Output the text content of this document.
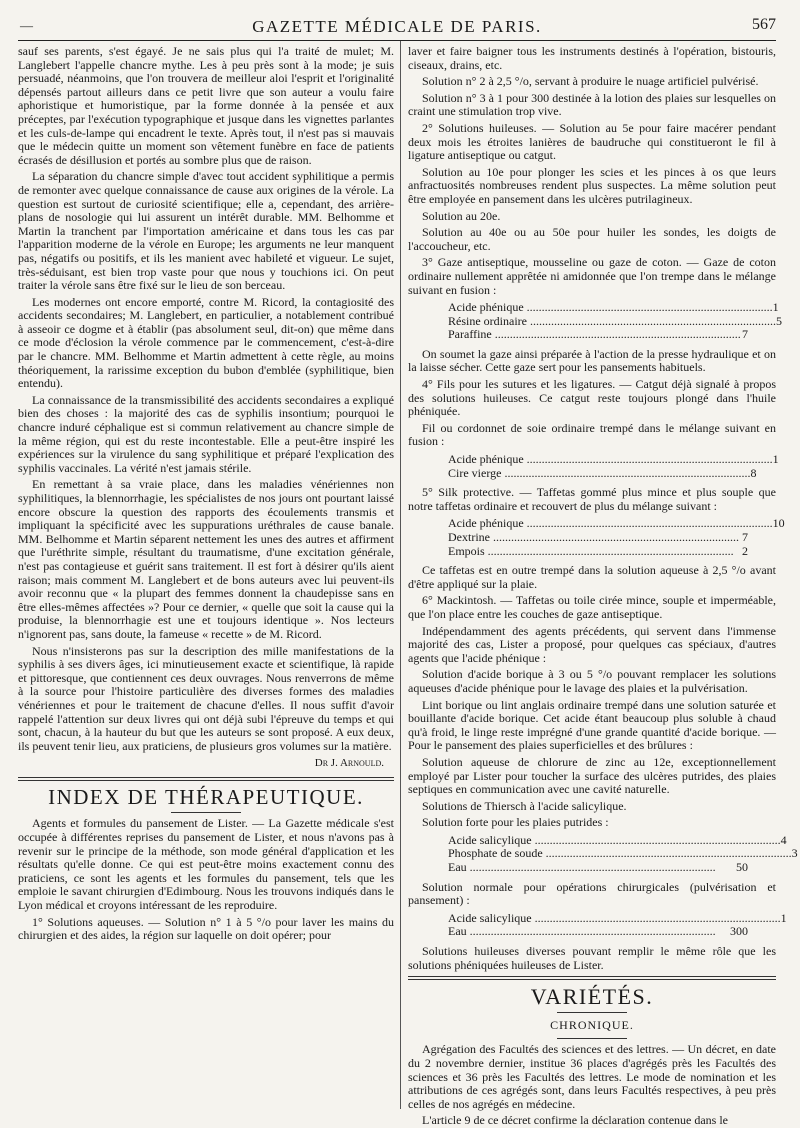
—	GAZETTE MÉDICALE DE PARIS.	567

sauf ses parents, s'est égayé. Je ne sais plus qui l'a traité de mulet; M. Langlebert l'appelle chancre mythe. Les à peu près sont à la mode; je suis persuadé, néanmoins, que l'on trouvera de meilleur aloi l'esprit et l'originalité dépensés partout ailleurs dans ce petit livre que son auteur a voulu faire aphoristique et humoristique, par la forme donnée à la pensée et aux préceptes, par l'exécution typographique et jusque dans les vignettes parlantes et les culs-de-lampe qui encadrent le texte. Après tout, il n'est pas si mauvais que le médecin quitte un moment son vêtement funèbre en face de patients écrasés de désillusion et portés au sombre plus que de raison.

La séparation du chancre simple d'avec tout accident syphilitique a permis de remonter avec quelque connaissance de cause aux origines de la vérole. La question est surtout de curiosité scientifique; elle a, cependant, des arrière-plans de nosologie qui lui assurent un intérêt durable. MM. Belhomme et Martin la tranchent par l'importation américaine et dans tous les cas par l'apparition moderne de la vérole en Europe; les arguments ne leur manquent pas, négatifs ou positifs, et ils les manient avec habileté et vigueur. Le sujet, très-séduisant, est bien trop vaste pour que nous y touchions ici. On peut traiter la vérole sans être fixé sur le lieu de son berceau.

Les modernes ont encore emporté, contre M. Ricord, la contagiosité des accidents secondaires; M. Langlebert, en particulier, a notablement contribué à asseoir ce dogme et à établir (pas absolument seul, dit-on) que même dans ce mode d'éclosion la vérole commence par le commencement, c'est-à-dire par le chancre. MM. Belhomme et Martin admettent à cette règle, au moins théoriquement, la rarissime exception du bubon d'emblée (syphilitique, bien entendu).

La connaissance de la transmissibilité des accidents secondaires a expliqué bien des choses : la majorité des cas de syphilis insontium; pourquoi le chancre induré céphalique est si commun relativement au chancre simple de la même région, qui est du reste incontestable. Elle a peut-être inspiré les expériences sur la virulence du sang syphilitique et préparé l'explication des syphilis vaccinales. La vérité n'est jamais stérile.

En remettant à sa vraie place, dans les maladies vénériennes non syphilitiques, la blennorrhagie, les spécialistes de nos jours ont pourtant laissé encore obscure la question des rapports des écoulements transmis et impliquant la spécificité avec les suppurations uréthrales de cause banale. MM. Belhomme et Martin séparent nettement les unes des autres et affirment que l'uréthrite simple, résultant du traumatisme, d'une excitation générale, n'est pas contagieuse et guérit sans traitement. Il est fort à désirer qu'ils aient raison; mais comment M. Langlebert et de bons auteurs avec lui peuvent-ils avoir reconnu que « la plupart des femmes donnent la chaudepisse sans en être elles-mêmes affectées »? Pour ce dernier, « quelle que soit la cause qui la produise, la blennorrhagie est une et toujours identique ». Nos lecteurs n'ignorent pas, sans doute, la fameuse « recette » de M. Ricord.

Nous n'insisterons pas sur la description des mille manifestations de la syphilis à ses divers âges, ici minutieusement exacte et scientifique, là rapide et pittoresque, que contiennent ces deux ouvrages. Nous renverrons de même à la source pour l'histoire particulière des diverses formes des maladies vénériennes et pour le traitement de chacune d'elles. Il nous suffit d'avoir rappelé l'attention sur deux livres qui ont déjà subi l'épreuve du temps et qui sont, chacun, à la hauteur du but que les auteurs se sont proposé. A eux deux, ils peuvent tenir lieu, aux praticiens, de plusieurs gros volumes sur la matière.

Dr J. Arnould.
INDEX DE THÉRAPEUTIQUE.

Agents et formules du pansement de Lister. — La Gazette médicale s'est occupée à différentes reprises du pansement de Lister, et nous n'avons pas à revenir sur le principe de la méthode, son mode général d'application et les résultats qu'elle donne. Ce qui est peut-être moins exactement connu des praticiens, ce sont les agents et les formules du pansement, tels que les emploie le savant chirurgien d'Edimbourg. Nous les trouvons indiqués dans le Lyon médical et croyons intéressant de les reproduire.

1° Solutions aqueuses. — Solution n° 1 à 5 °/o pour laver les mains du chirurgien et des aides, la région sur laquelle on doit opérer; pour

laver et faire baigner tous les instruments destinés à l'opération, bistouris, ciseaux, drains, etc.

Solution n° 2 à 2,5 °/o, servant à produire le nuage artificiel pulvérisé.

Solution n° 3 à 1 pour 300 destinée à la lotion des plaies sur lesquelles on craint une stimulation trop vive.

2° Solutions huileuses. — Solution au 5e pour faire macérer pendant deux mois les étroites lanières de baudruche qui constitueront le fil à ligature antiseptique ou catgut.

Solution au 10e pour plonger les scies et les pinces à os que leurs anfractuosités nombreuses rendent plus suspectes. La même solution peut être employée en pansement dans les ulcères putrilagineux.

Solution au 20e.

Solution au 40e ou au 50e pour huiler les sondes, les doigts de l'accoucheur, etc.

3° Gaze antiseptique, mousseline ou gaze de coton. — Gaze de coton ordinaire nullement apprêtée ni amidonnée que l'on trempe dans le mélange suivant en fusion :

Acide phénique .....	1
Résine ordinaire .....	5
Paraffine .....	7

On soumet la gaze ainsi préparée à l'action de la presse hydraulique et on la laisse sécher. Cette gaze sert pour les pansements habituels.

4° Fils pour les sutures et les ligatures. — Catgut déjà signalé à propos des solutions huileuses. Ce catgut reste toujours plongé dans l'huile phéniquée.

Fil ou cordonnet de soie ordinaire trempé dans le mélange suivant en fusion :

Acide phénique .....	1
Cire vierge .....	8

5° Silk protective. — Taffetas gommé plus mince et plus souple que notre taffetas ordinaire et recouvert de plus du mélange suivant :

Acide phénique .....	10
Dextrine .....	7
Empois .....	2

Ce taffetas est en outre trempé dans la solution aqueuse à 2,5 °/o avant d'être appliqué sur la plaie.

6° Mackintosh. — Taffetas ou toile cirée mince, souple et imperméable, que l'on place entre les couches de gaze antiseptique.

Indépendamment des agents précédents, qui servent dans l'immense majorité des cas, Lister a proposé, pour quelques cas spéciaux, d'autres agents que l'acide phénique :

Solution d'acide borique à 3 ou 5 °/o pouvant remplacer les solutions aqueuses d'acide phénique pour le lavage des plaies et la pulvérisation.

Lint borique ou lint anglais ordinaire trempé dans une solution saturée et bouillante d'acide borique. Cet acide étant beaucoup plus soluble à chaud qu'à froid, le linge reste imprégné d'une grande quantité d'acide borique. — Pour le pansement des plaies superficielles et des brûlures :

Solution aqueuse de chlorure de zinc au 12e, exceptionnellement employé par Lister pour toucher la surface des ulcères putrides, des plaies septiques en communication avec une cavité naturelle.

Solutions de Thiersch à l'acide salicylique.

Solution forte pour les plaies putrides :

Acide salicylique .....	4
Phosphate de soude .....	3
Eau .....	50

Solution normale pour opérations chirurgicales (pulvérisation et pansement) :

Acide salicylique .....	1
Eau .....	300

Solutions huileuses diverses pouvant remplir le même rôle que les solutions phéniquées huileuses de Lister.

VARIÉTÉS.
CHRONIQUE.

Agrégation des Facultés des sciences et des lettres. — Un décret, en date du 2 novembre dernier, institue 36 places d'agrégés près les Facultés des sciences et 36 près les Facultés des lettres. Le mode de nomination et les attributions de ces agrégés sont, dans leurs Facultés respectives, à peu près celles de nos agrégés en médecine.

L'article 9 de ce décret confirme la déclaration contenue dans le
